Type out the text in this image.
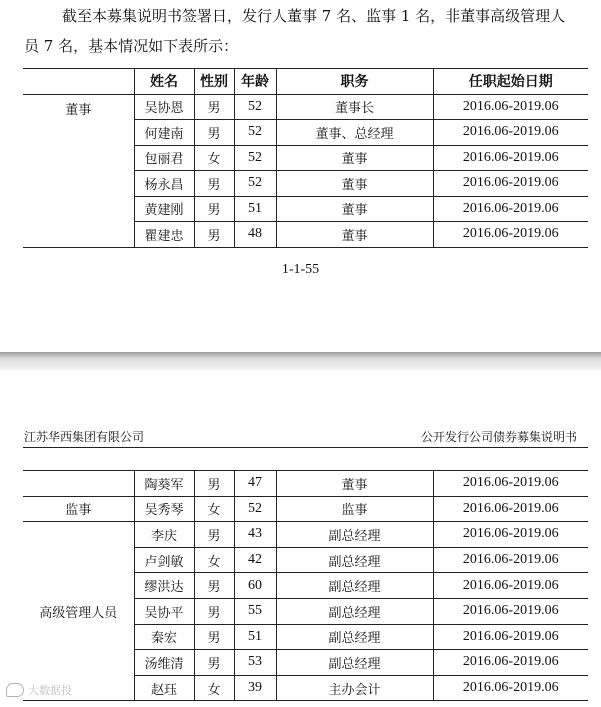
截至本募集说明书签署日，发行人董事 7 名、监事 1 名，非董事高级管理人
员 7 名，基本情况如下表所示：
	姓名	性别	年龄	职务	任职起始日期
董事	吴协恩	男	52	董事长	2016.06-2019.06
	何建南	男	52	董事、总经理	2016.06-2019.06
	包丽君	女	52	董事	2016.06-2019.06
	杨永昌	男	52	董事	2016.06-2019.06
	黄建刚	男	51	董事	2016.06-2019.06
	瞿建忠	男	48	董事	2016.06-2019.06
1-1-55
江苏华西集团有限公司	公开发行公司债券募集说明书
	陶葵军	男	47	董事	2016.06-2019.06
监事	吴秀琴	女	52	监事	2016.06-2019.06
高级管理人员	李庆	男	43	副总经理	2016.06-2019.06
	卢剑敏	女	42	副总经理	2016.06-2019.06
	缪洪达	男	60	副总经理	2016.06-2019.06
	吴协平	男	55	副总经理	2016.06-2019.06
	秦宏	男	51	副总经理	2016.06-2019.06
	汤维清	男	53	副总经理	2016.06-2019.06
	赵珏	女	39	主办会计	2016.06-2019.06
大数据投
